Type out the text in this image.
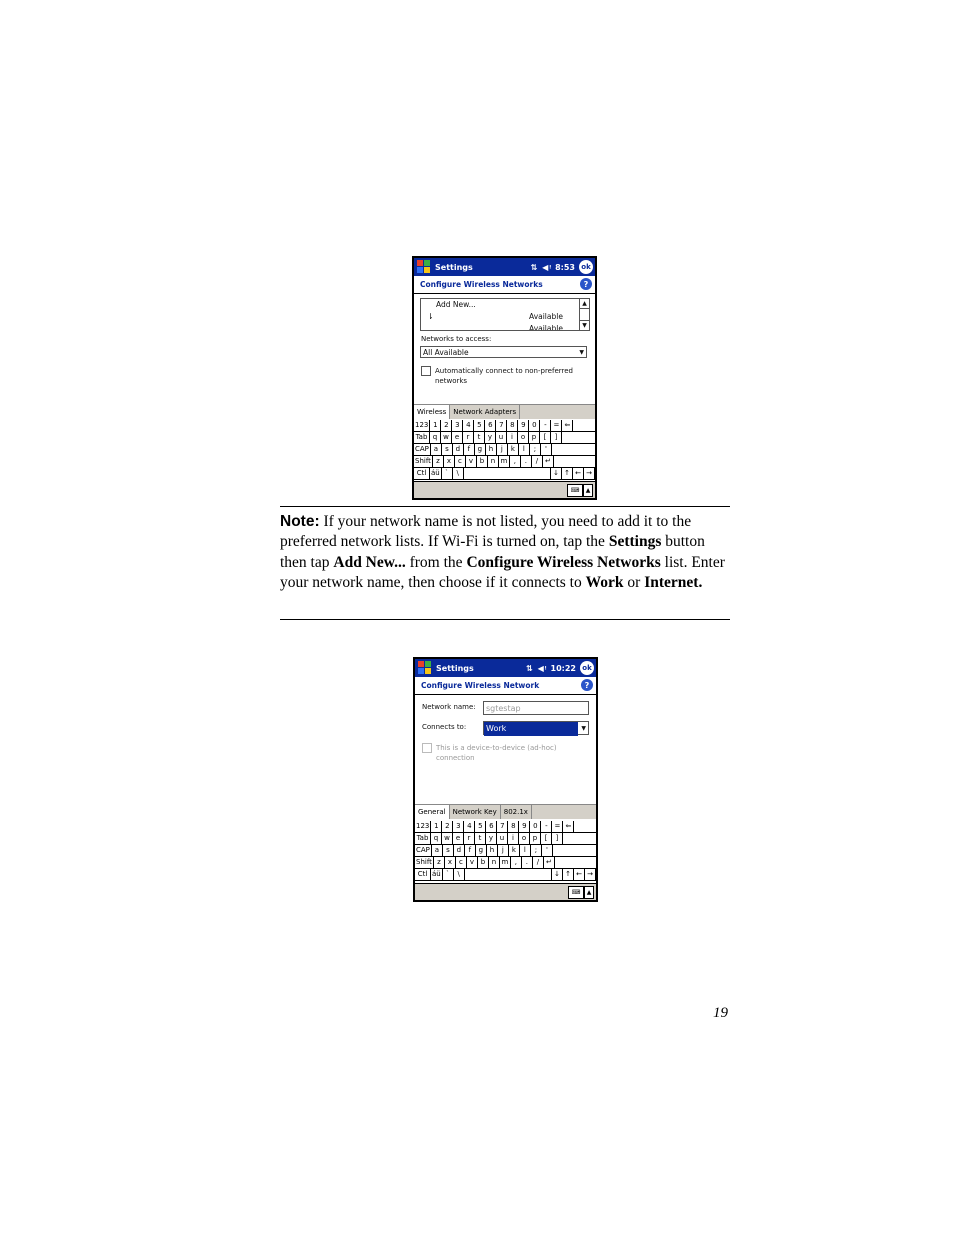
Settings	⇅ ◀ᵎ 8:53 ok
Configure Wireless Networks	?
Add New...
⇂	Available
Available
▲
▼
Networks to access:
All Available	▼
Automatically connect to non-preferred networks
Wireless	Network Adapters
123 1 2 3 4 5 6 7 8 9 0	- = ⇐
Tab q w e	r	t	y u	i	o p	[	]
CAP a	s d	f	g h	j	k	l	;	'
Shift z	x c	v b n m ,	.	/ ↵
Ctl áü `	\	↓ ↑ ← →
⌨	▲
Note: If your network name is not listed, you need to add it to the preferred network lists. If Wi-Fi is turned on, tap the Settings button then tap Add New... from the Configure Wireless Networks list. Enter your network name, then choose if it connects to Work or Internet.
Settings	⇅ ◀ᵎ 10:22 ok
Configure Wireless Network	?
Network name:	sgtestap
Connects to:	Work	▼
This is a device-to-device (ad-hoc) connection
General	Network Key	802.1x
123 1 2 3 4 5 6 7 8 9 0	- = ⇐
Tab q w e	r	t	y u	i	o p	[	]
CAP a	s d	f	g h	j	k	l	;	'
Shift z	x c	v b n m ,	.	/ ↵
Ctl áü `	\	↓ ↑ ← →
⌨	▲
19
